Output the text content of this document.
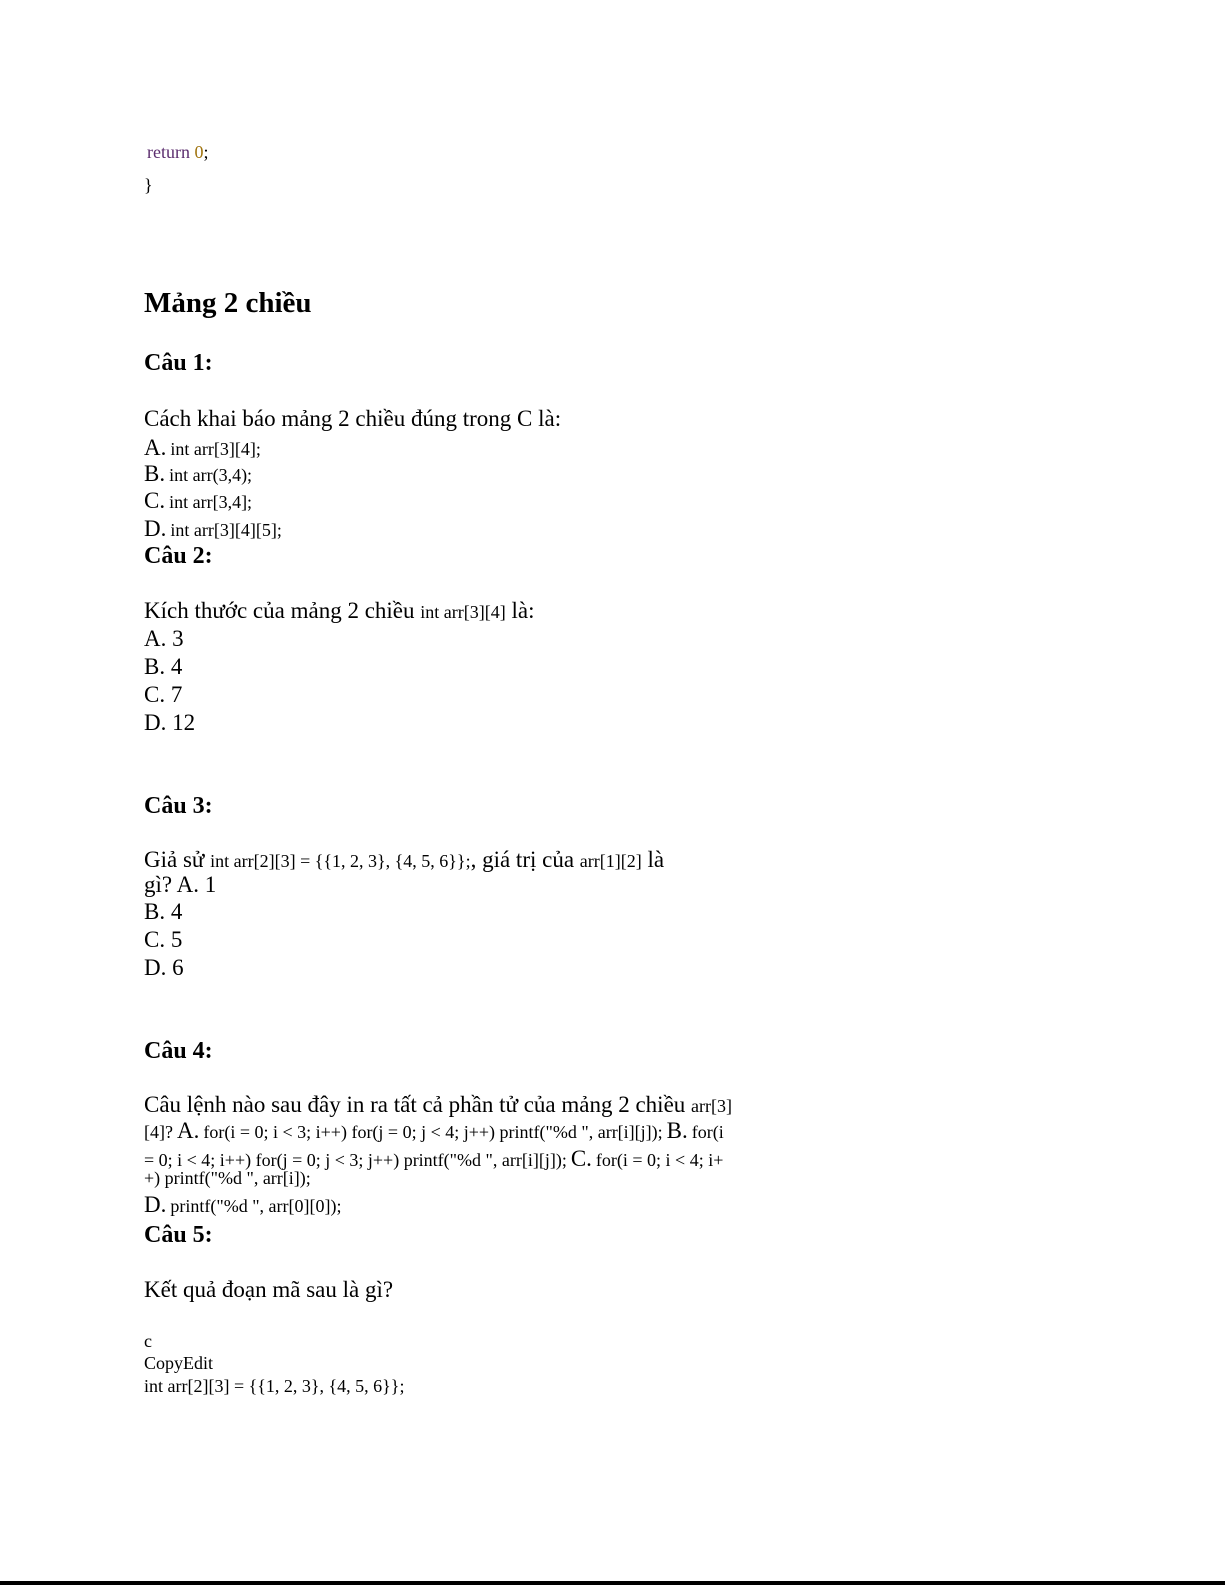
return 0;
}
Mảng 2 chiều
Câu 1:
Cách khai báo mảng 2 chiều đúng trong C là:
A. int arr[3][4];
B. int arr(3,4);
C. int arr[3,4];
D. int arr[3][4][5];
Câu 2:
Kích thước của mảng 2 chiều int arr[3][4] là:
A. 3
B. 4
C. 7
D. 12
Câu 3:
Giả sử int arr[2][3] = {{1, 2, 3}, {4, 5, 6}};, giá trị của arr[1][2] là
gì? A. 1
B. 4
C. 5
D. 6
Câu 4:
Câu lệnh nào sau đây in ra tất cả phần tử của mảng 2 chiều arr[3]
[4]? A. for(i = 0; i < 3; i++) for(j = 0; j < 4; j++) printf("%d ", arr[i][j]); B. for(i
= 0; i < 4; i++) for(j = 0; j < 3; j++) printf("%d ", arr[i][j]); C. for(i = 0; i < 4; i+
+) printf("%d ", arr[i]);
D. printf("%d ", arr[0][0]);
Câu 5:
Kết quả đoạn mã sau là gì?
c
CopyEdit
int arr[2][3] = {{1, 2, 3}, {4, 5, 6}};
